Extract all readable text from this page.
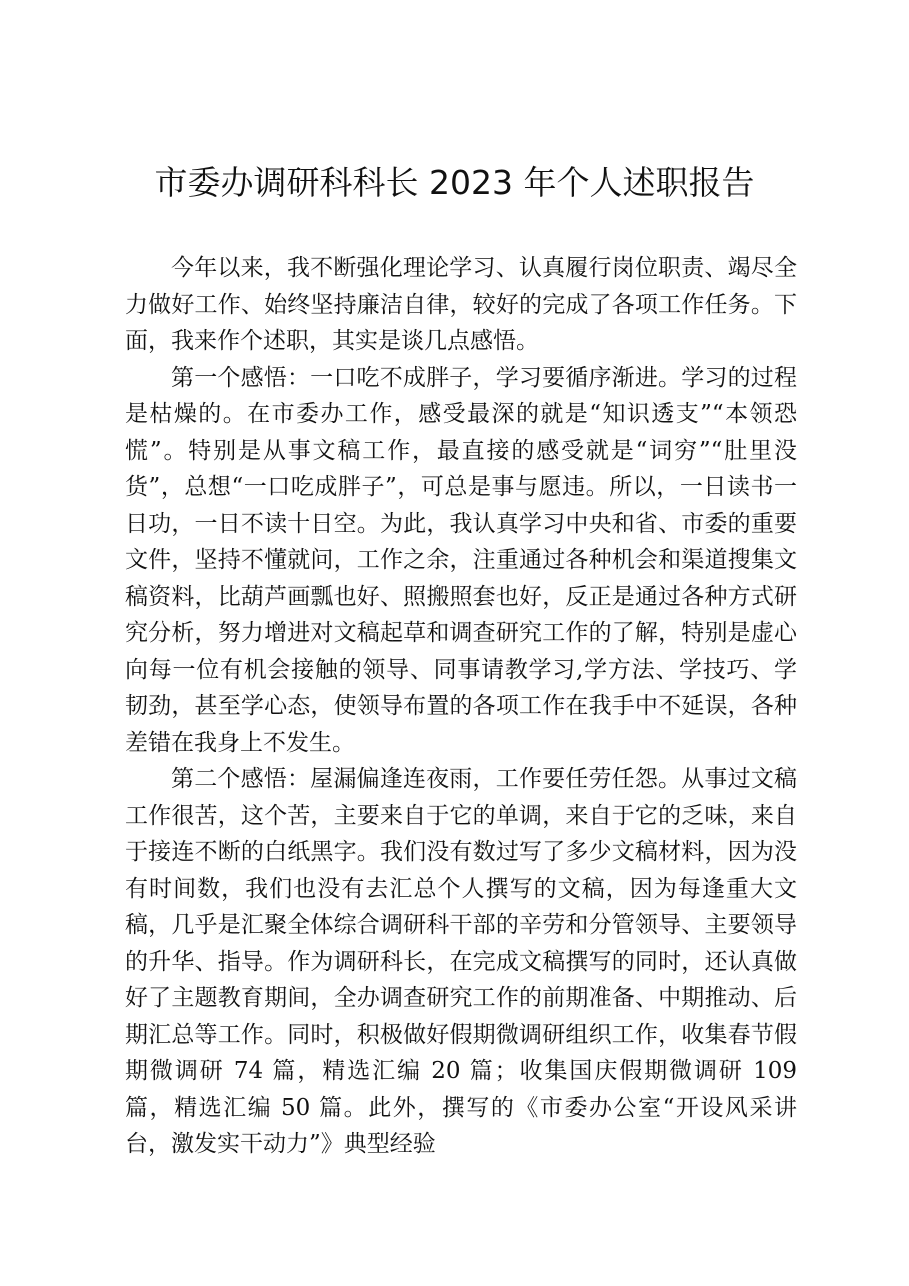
市委办调研科科长 2023 年个人述职报告

今年以来，我不断强化理论学习、认真履行岗位职责、竭尽全力做好工作、始终坚持廉洁自律，较好的完成了各项工作任务。下面，我来作个述职，其实是谈几点感悟。

第一个感悟：一口吃不成胖子，学习要循序渐进。学习的过程是枯燥的。在市委办工作，感受最深的就是“知识透支”“本领恐慌”。特别是从事文稿工作，最直接的感受就是“词穷”“肚里没货”，总想“一口吃成胖子”，可总是事与愿违。所以，一日读书一日功，一日不读十日空。为此，我认真学习中央和省、市委的重要文件，坚持不懂就问，工作之余，注重通过各种机会和渠道搜集文稿资料，比葫芦画瓢也好、照搬照套也好，反正是通过各种方式研究分析，努力增进对文稿起草和调查研究工作的了解，特别是虚心向每一位有机会接触的领导、同事请教学习,学方法、学技巧、学韧劲，甚至学心态，使领导布置的各项工作在我手中不延误，各种差错在我身上不发生。

第二个感悟：屋漏偏逢连夜雨，工作要任劳任怨。从事过文稿工作很苦，这个苦，主要来自于它的单调，来自于它的乏味，来自于接连不断的白纸黑字。我们没有数过写了多少文稿材料，因为没有时间数，我们也没有去汇总个人撰写的文稿，因为每逢重大文稿，几乎是汇聚全体综合调研科干部的辛劳和分管领导、主要领导的升华、指导。作为调研科长，在完成文稿撰写的同时，还认真做好了主题教育期间，全办调查研究工作的前期准备、中期推动、后期汇总等工作。同时，积极做好假期微调研组织工作，收集春节假期微调研 74 篇，精选汇编 20 篇；收集国庆假期微调研 109 篇，精选汇编 50 篇。此外，撰写的《市委办公室“开设风采讲台，激发实干动力”》典型经验
